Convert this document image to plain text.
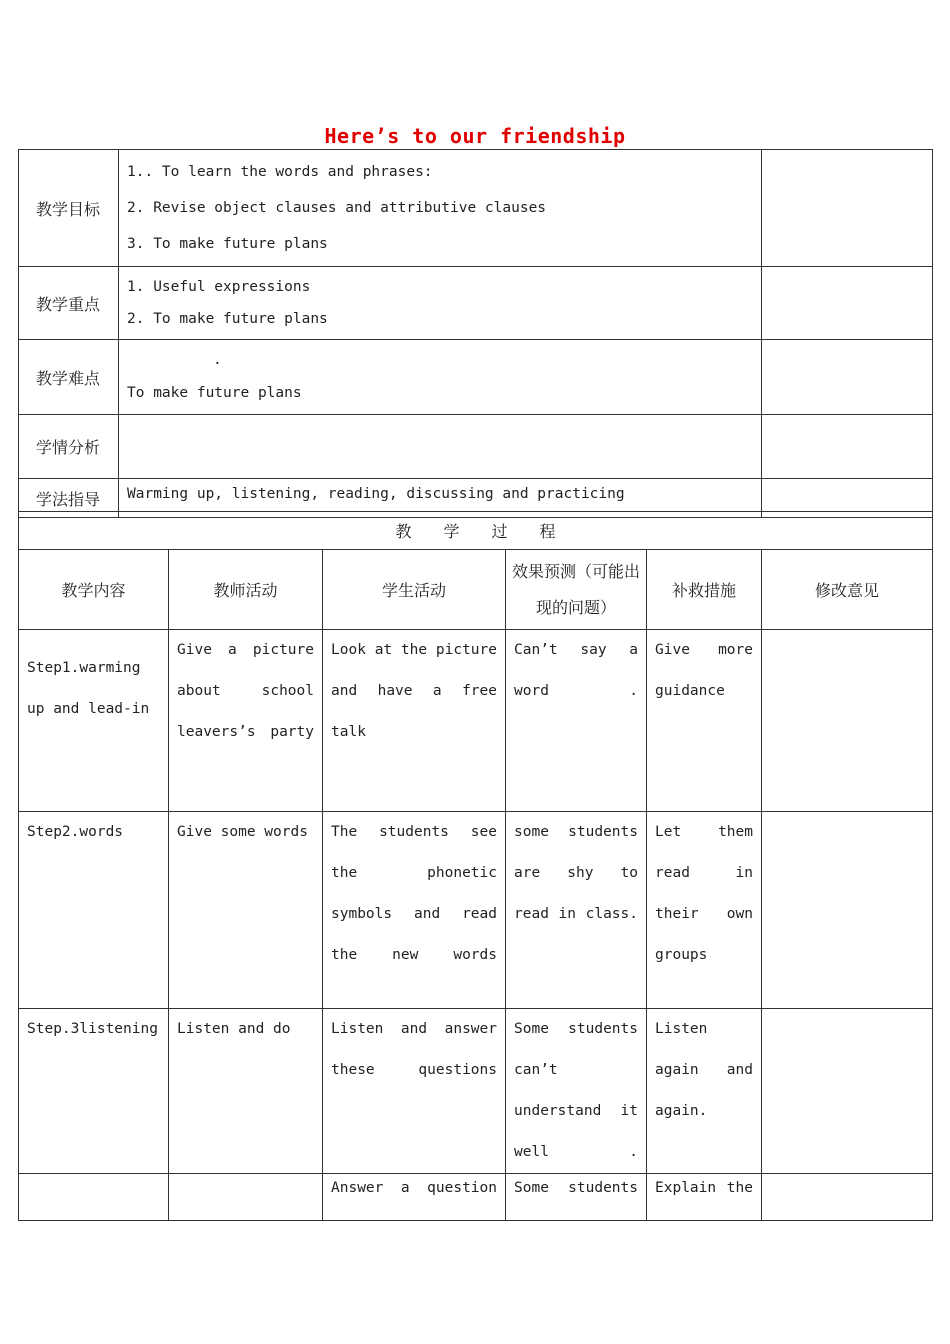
Here’s to our friendship
教学目标	1.. To learn the words and phrases:
2. Revise object clauses and attributive clauses
3. To make future plans	

教学重点	1. Useful expressions
2. To make future plans	

教学难点	.
To make future plans	

学情分析		
学法指导	Warming up, listening, reading, discussing and practicing	

教　　学　　过　　程					
教学内容	教师活动	学生活动	效果预测（可能出现的问题）	补救措施	修改意见
Step1.warming up and lead-in	Give a picture about school leavers’s party	Look at the picture and have a free talk	Can’t say a word .	Give more guidance	
Step2.words	Give some words	The students see the phonetic symbols and read the new words	some students are shy to read in class.	Let them read in their own groups	
Step.3listening	Listen and do	Listen and answer these questions	Some students can’t understand it well .	Listen again and again.	
		Answer a question	Some students	Explain the	
